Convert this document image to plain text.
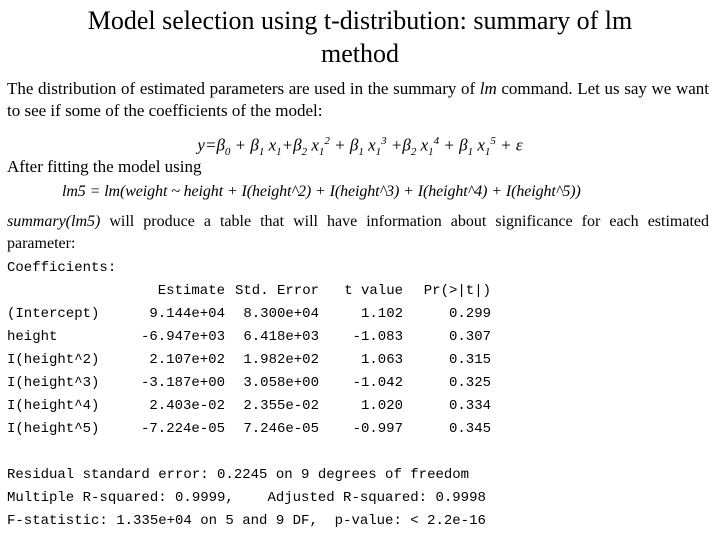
Model selection using t-distribution: summary of lm
method
The distribution of estimated parameters are used in the summary of lm command. Let us say we want to see if some of the coefficients of the model:
$y=\beta_0 + \beta_1$ $x_1+\beta_2$ $x_1^2 + \beta_1$ $x_1^3 +\beta_2$ $x_1^4 + \beta_1$ $x_1^5 + \varepsilon$
After fitting the model using
lm5 = lm(weight ~ height + I(height^2) + I(height^3) + I(height^4) + I(height^5))
summary(lm5) will produce a table that will have information about significance for each estimated parameter:
Coefficients:
	Estimate	Std. Error	t value	Pr(>|t|)
(Intercept)	9.144e+04	8.300e+04	1.102	0.299
height	-6.947e+03	6.418e+03	-1.083	0.307
I(height^2)	2.107e+02	1.982e+02	1.063	0.315
I(height^3)	-3.187e+00	3.058e+00	-1.042	0.325
I(height^4)	2.403e-02	2.355e-02	1.020	0.334
I(height^5)	-7.224e-05	7.246e-05	-0.997	0.345
Residual standard error: 0.2245 on 9 degrees of freedom
Multiple R-squared: 0.9999,    Adjusted R-squared: 0.9998
F-statistic: 1.335e+04 on 5 and 9 DF,  p-value: < 2.2e-16
